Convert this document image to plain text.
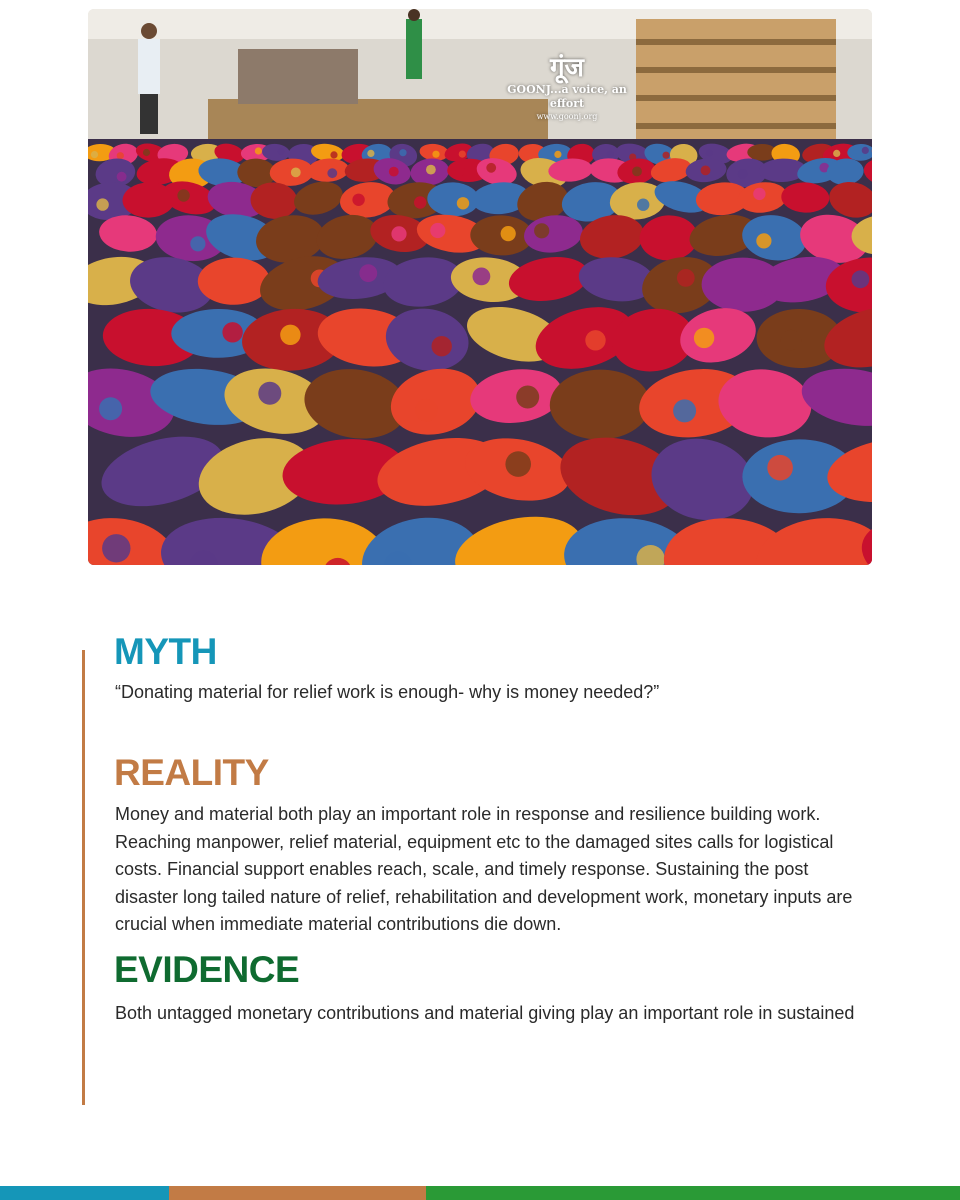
गूंज
GOONJ...a voice, an effort
www.goonj.org
MYTH

“Donating material for relief work is enough- why is money needed?”

REALITY

Money and material both play an important role in response and resilience building work. Reaching manpower, relief material, equipment etc to the damaged sites calls for logistical costs. Financial support enables reach, scale, and timely response. Sustaining the post disaster long tailed nature of relief, rehabilitation and development work, monetary inputs are crucial when immediate material contributions die down.

EVIDENCE

Both untagged monetary contributions and material giving play an important role in sustained
